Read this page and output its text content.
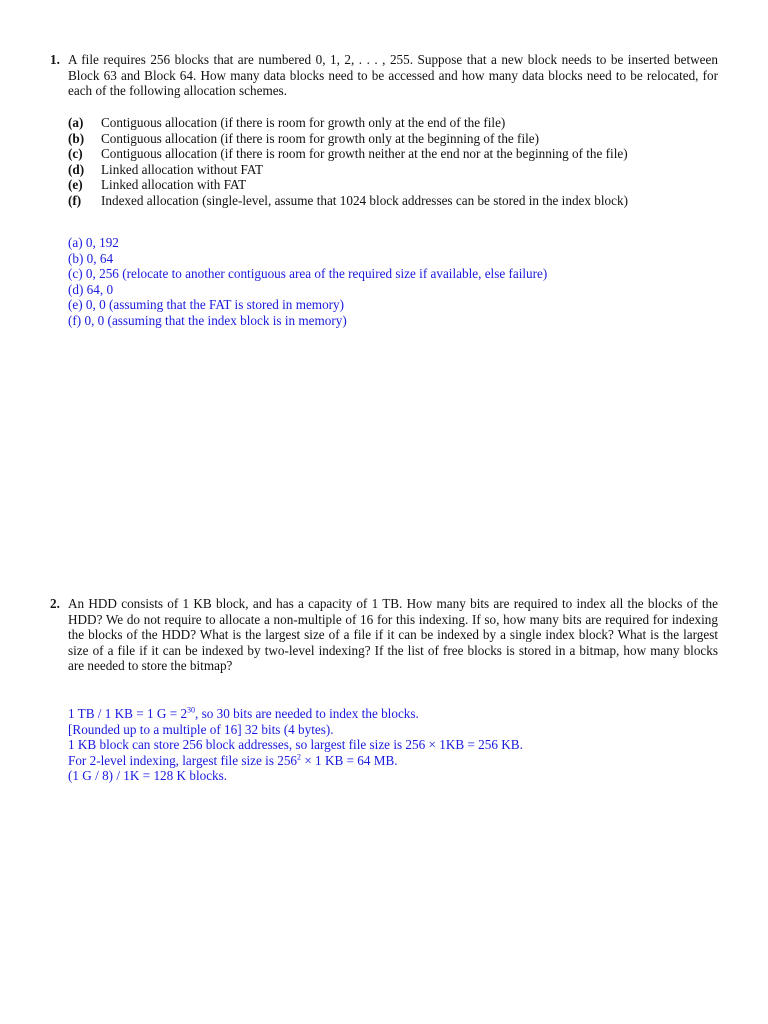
1. A file requires 256 blocks that are numbered 0, 1, 2, . . . , 255. Suppose that a new block needs to be inserted between Block 63 and Block 64. How many data blocks need to be accessed and how many data blocks need to be relocated, for each of the following allocation schemes.
(a) Contiguous allocation (if there is room for growth only at the end of the file)
(b) Contiguous allocation (if there is room for growth only at the beginning of the file)
(c) Contiguous allocation (if there is room for growth neither at the end nor at the beginning of the file)
(d) Linked allocation without FAT
(e) Linked allocation with FAT
(f) Indexed allocation (single-level, assume that 1024 block addresses can be stored in the index block)
(a) 0, 192
(b) 0, 64
(c) 0, 256 (relocate to another contiguous area of the required size if available, else failure)
(d) 64, 0
(e) 0, 0 (assuming that the FAT is stored in memory)
(f) 0, 0 (assuming that the index block is in memory)
2. An HDD consists of 1 KB block, and has a capacity of 1 TB. How many bits are required to index all the blocks of the HDD? We do not require to allocate a non-multiple of 16 for this indexing. If so, how many bits are required for indexing the blocks of the HDD? What is the largest size of a file if it can be indexed by a single index block? What is the largest size of a file if it can be indexed by two-level indexing? If the list of free blocks is stored in a bitmap, how many blocks are needed to store the bitmap?
1 TB / 1 KB = 1 $G = 2^{30}$, so 30 bits are needed to index the blocks.
[Rounded up to a multiple of 16] 32 bits (4 bytes).
1 KB block can store 256 block addresses, so largest file size is 256 × 1KB = 256 KB.
For 2-level indexing, largest file size is $256^2 \times 1$ KB = 64 MB.
(1 G / 8) / 1K = 128 K blocks.
